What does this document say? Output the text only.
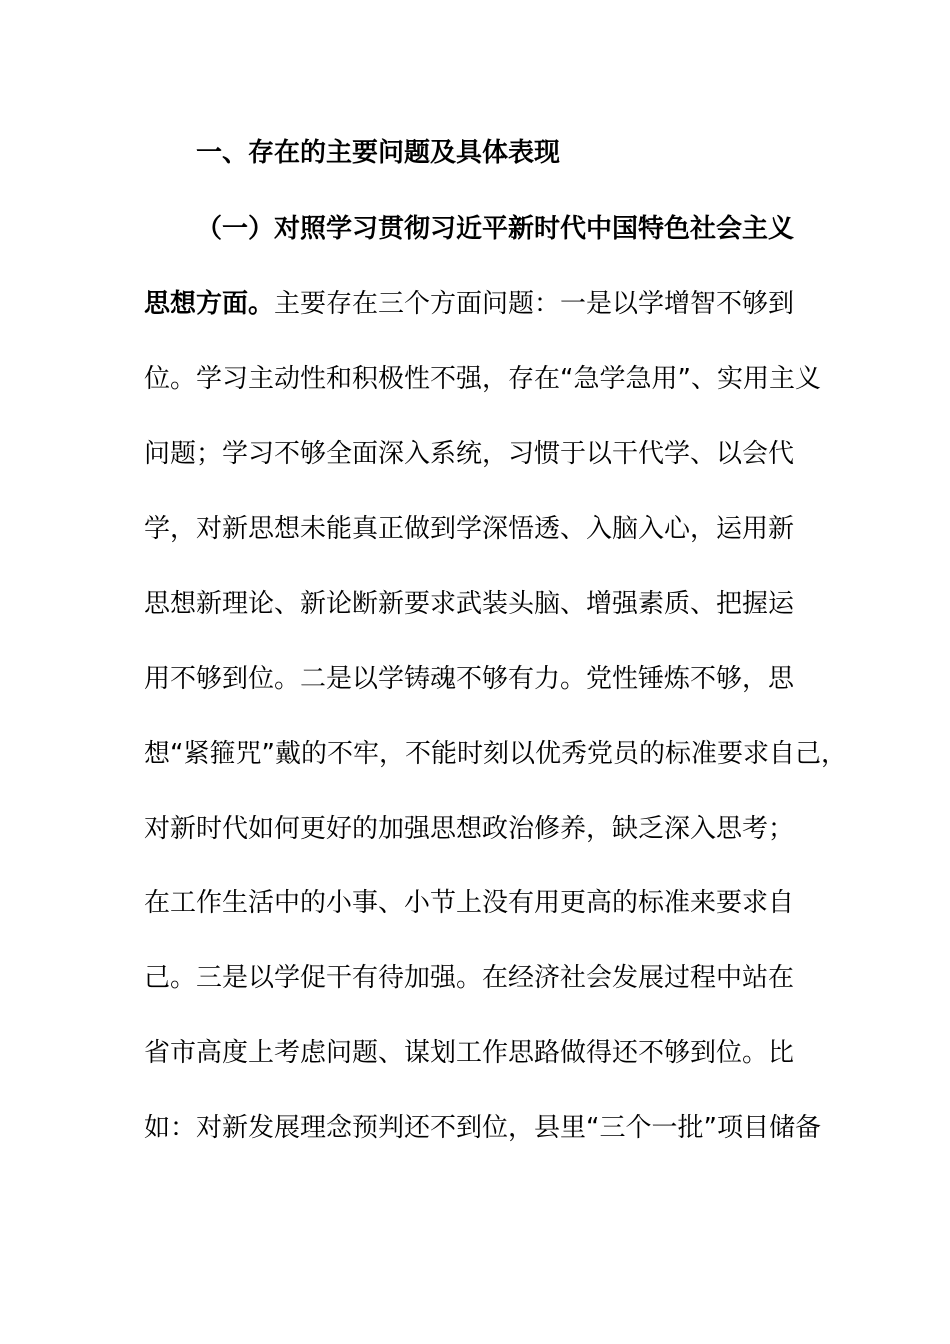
一、存在的主要问题及具体表现
（一）对照学习贯彻习近平新时代中国特色社会主义
思想方面。主要存在三个方面问题：一是以学增智不够到
位。学习主动性和积极性不强，存在“急学急用”、实用主义
问题；学习不够全面深入系统，习惯于以干代学、以会代
学，对新思想未能真正做到学深悟透、入脑入心，运用新
思想新理论、新论断新要求武装头脑、增强素质、把握运
用不够到位。二是以学铸魂不够有力。党性锤炼不够，思
想“紧箍咒”戴的不牢，不能时刻以优秀党员的标准要求自己，
对新时代如何更好的加强思想政治修养，缺乏深入思考；
在工作生活中的小事、小节上没有用更高的标准来要求自
己。三是以学促干有待加强。在经济社会发展过程中站在
省市高度上考虑问题、谋划工作思路做得还不够到位。比
如：对新发展理念预判还不到位，县里“三个一批”项目储备
